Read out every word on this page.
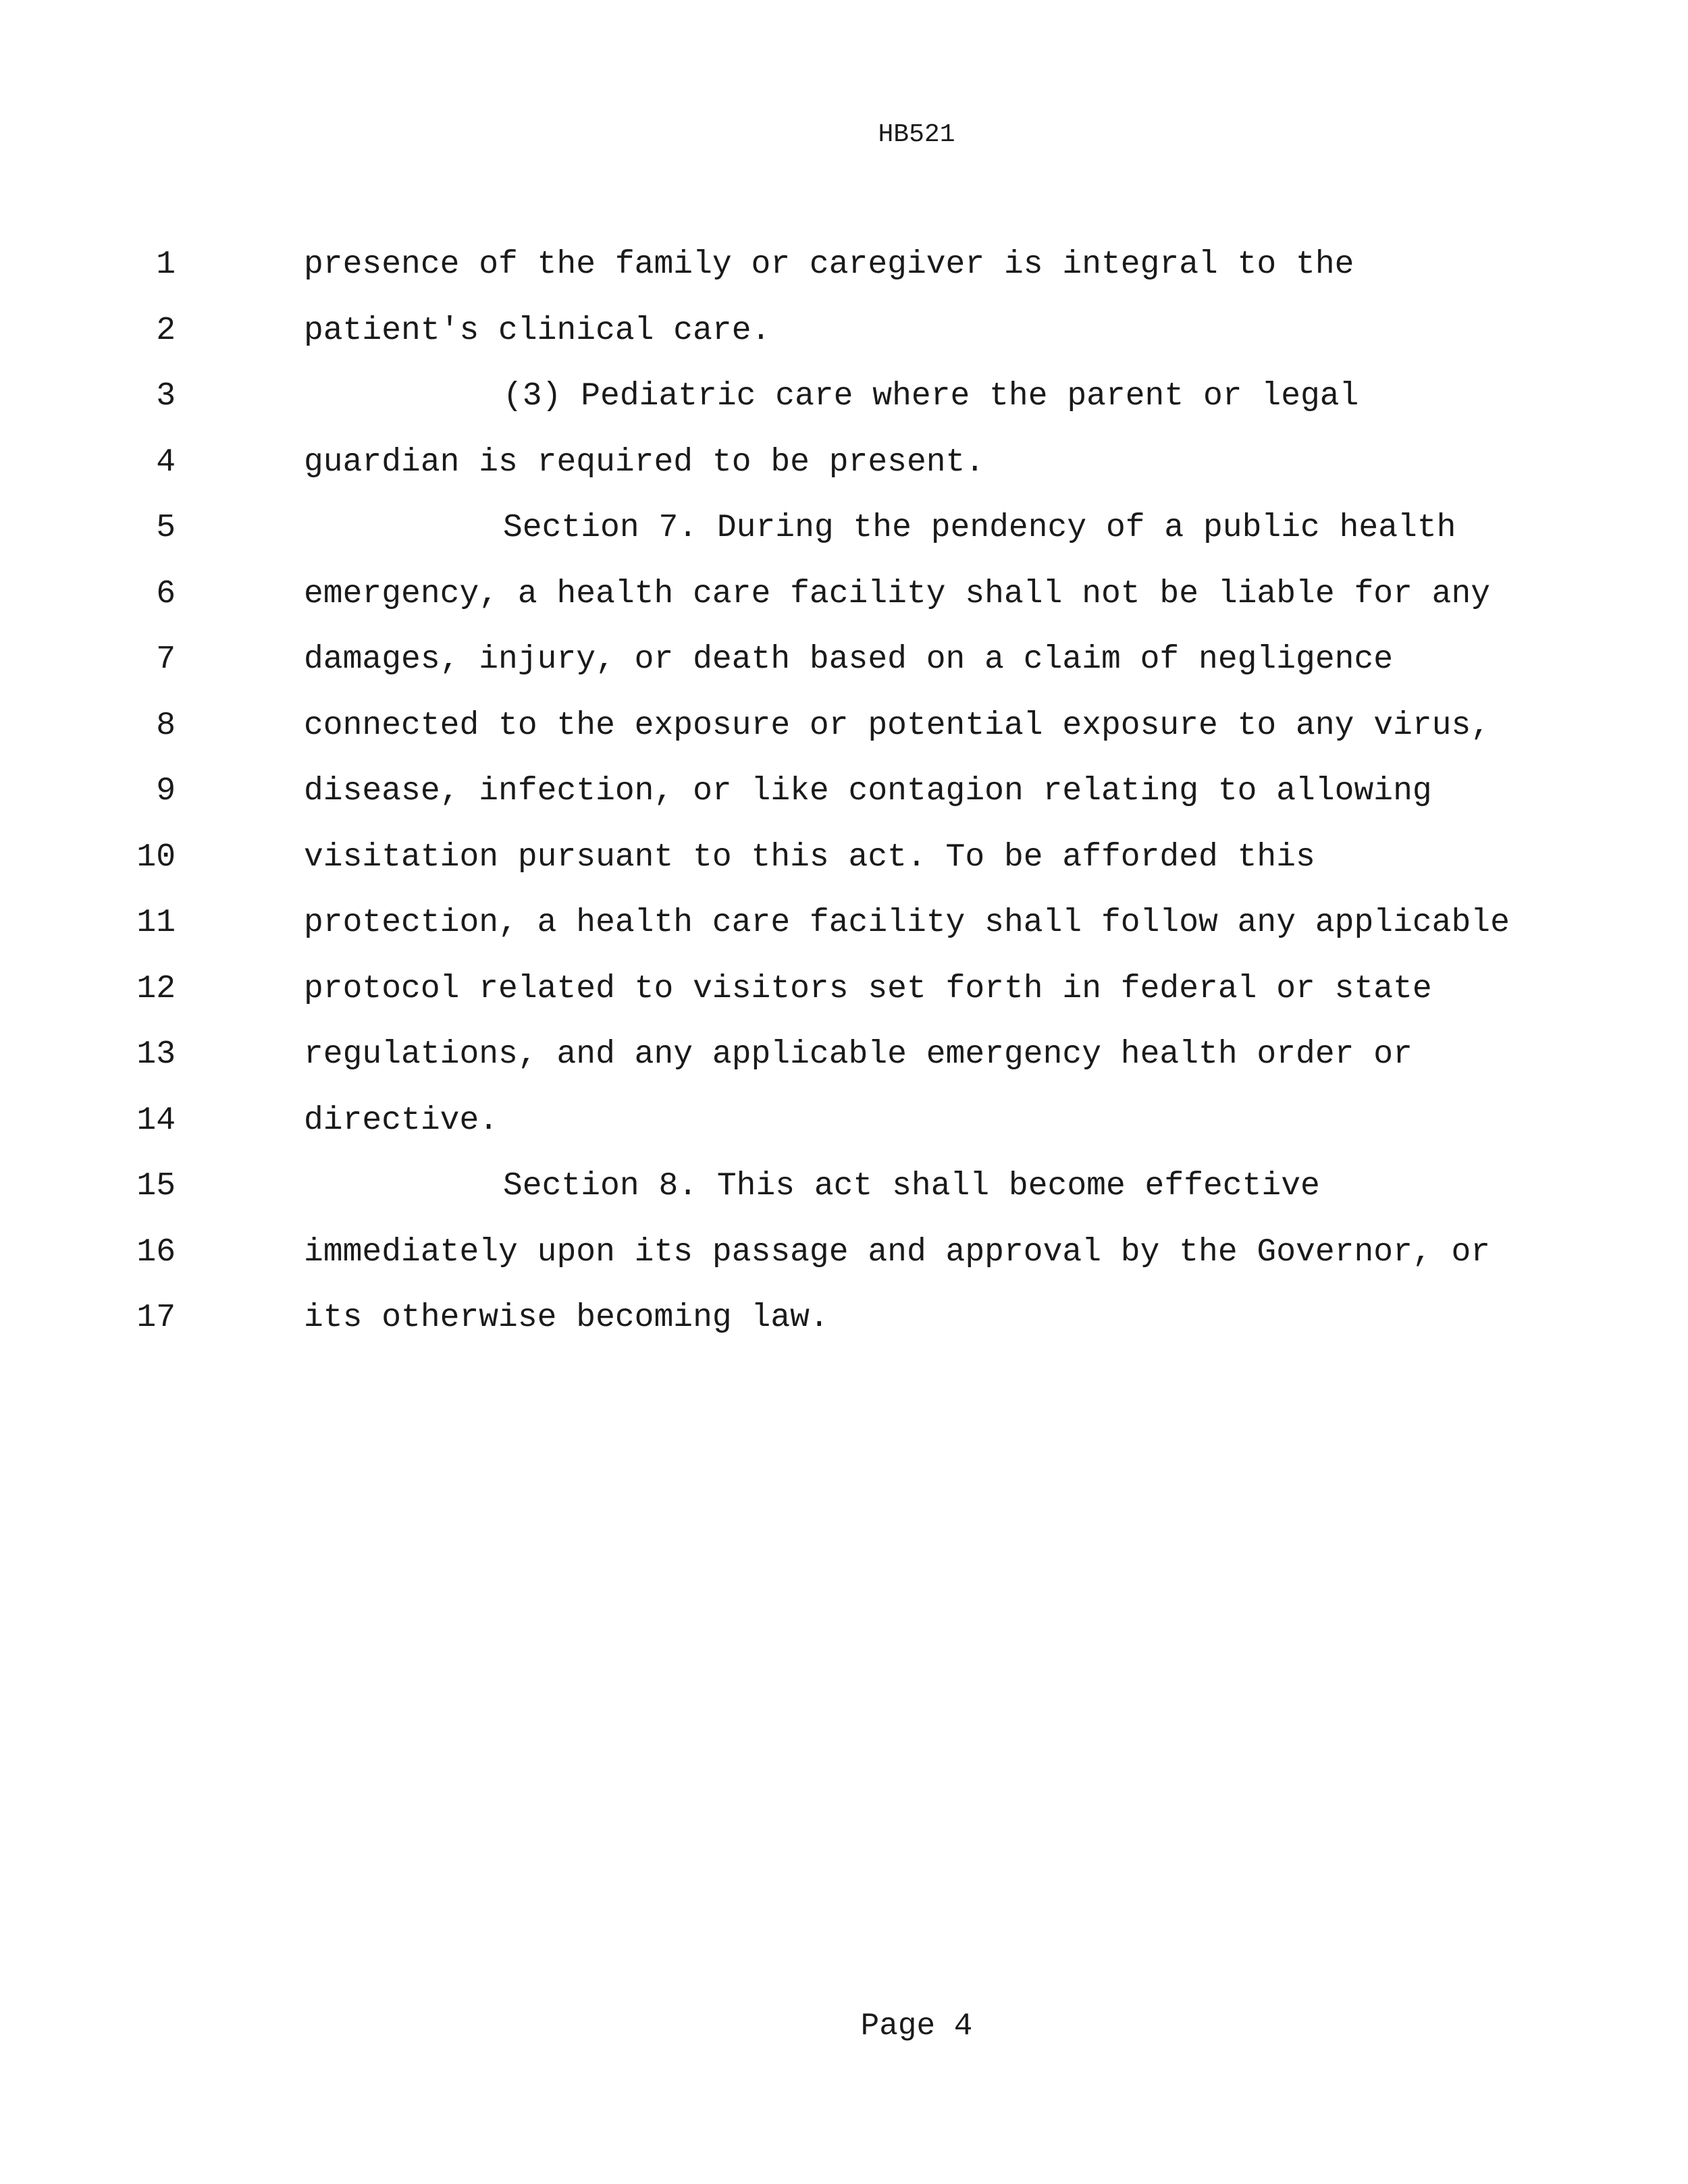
HB521

1

	presence of the family or caregiver is integral to the

2

	patient's clinical care.

3

	(3) Pediatric care where the parent or legal

4

	guardian is required to be present.

5

	Section 7. During the pendency of a public health

6

	emergency, a health care facility shall not be liable for any

7

	damages, injury, or death based on a claim of negligence

8

	connected to the exposure or potential exposure to any virus,

9

	disease, infection, or like contagion relating to allowing

10

	visitation pursuant to this act. To be afforded this

11

	protection, a health care facility shall follow any applicable

12

	protocol related to visitors set forth in federal or state

13

	regulations, and any applicable emergency health order or

14

	directive.

15

	Section 8. This act shall become effective

16

	immediately upon its passage and approval by the Governor, or

17

	its otherwise becoming law.

Page 4
